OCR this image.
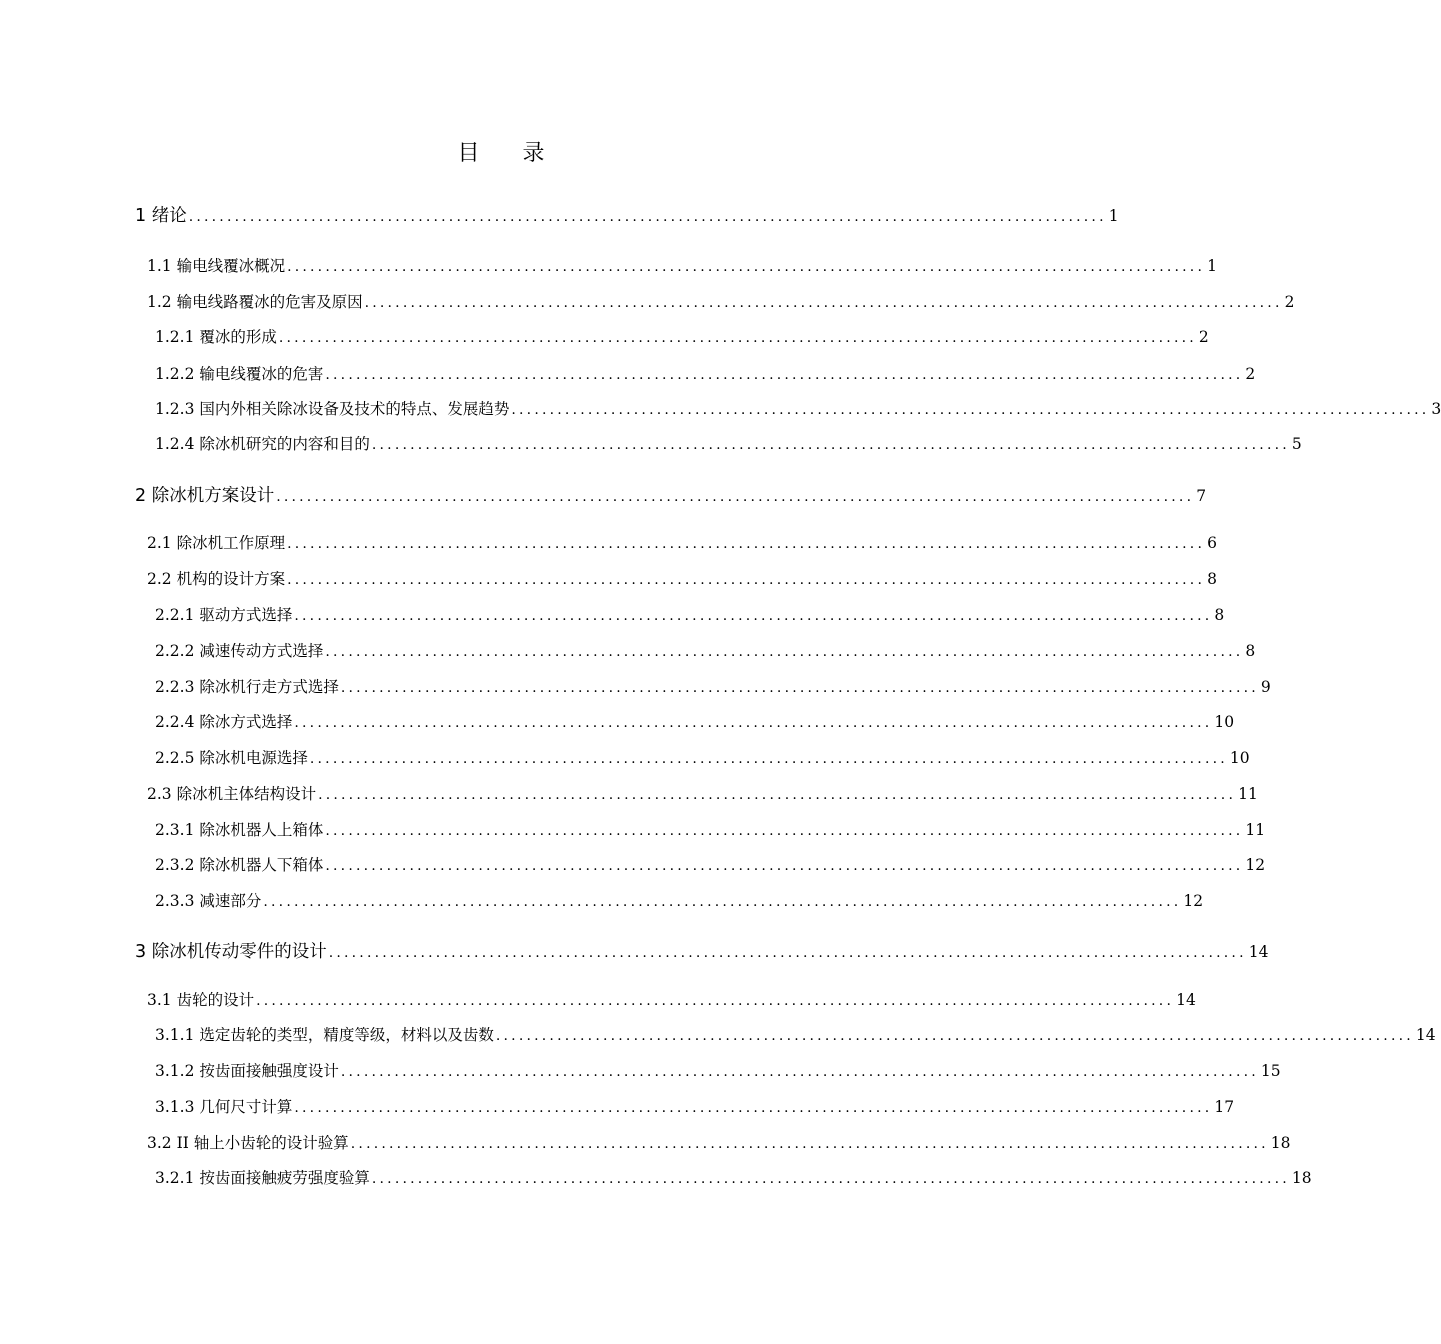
目 录
1 绪论 ........................................................................................................................ 1
1.1 输电线覆冰概况 ........................................................................................................................ 1
1.2 输电线路覆冰的危害及原因 ........................................................................................................................ 2
1.2.1 覆冰的形成 ........................................................................................................................ 2
1.2.2 输电线覆冰的危害 ........................................................................................................................ 2
1.2.3 国内外相关除冰设备及技术的特点、发展趋势 ........................................................................................................................ 3
1.2.4 除冰机研究的内容和目的 ........................................................................................................................ 5
2 除冰机方案设计 ........................................................................................................................ 7
2.1 除冰机工作原理 ........................................................................................................................ 6
2.2 机构的设计方案 ........................................................................................................................ 8
2.2.1 驱动方式选择 ........................................................................................................................ 8
2.2.2 减速传动方式选择 ........................................................................................................................ 8
2.2.3 除冰机行走方式选择 ........................................................................................................................ 9
2.2.4 除冰方式选择 ........................................................................................................................ 10
2.2.5 除冰机电源选择 ........................................................................................................................ 10
2.3 除冰机主体结构设计 ........................................................................................................................ 11
2.3.1 除冰机器人上箱体 ........................................................................................................................ 11
2.3.2 除冰机器人下箱体 ........................................................................................................................ 12
2.3.3 减速部分 ........................................................................................................................ 12
3 除冰机传动零件的设计 ........................................................................................................................ 14
3.1 齿轮的设计 ........................................................................................................................ 14
3.1.1 选定齿轮的类型，精度等级，材料以及齿数 ........................................................................................................................ 14
3.1.2 按齿面接触强度设计 ........................................................................................................................ 15
3.1.3 几何尺寸计算 ........................................................................................................................ 17
3.2 II 轴上小齿轮的设计验算 ........................................................................................................................ 18
3.2.1 按齿面接触疲劳强度验算 ........................................................................................................................ 18
